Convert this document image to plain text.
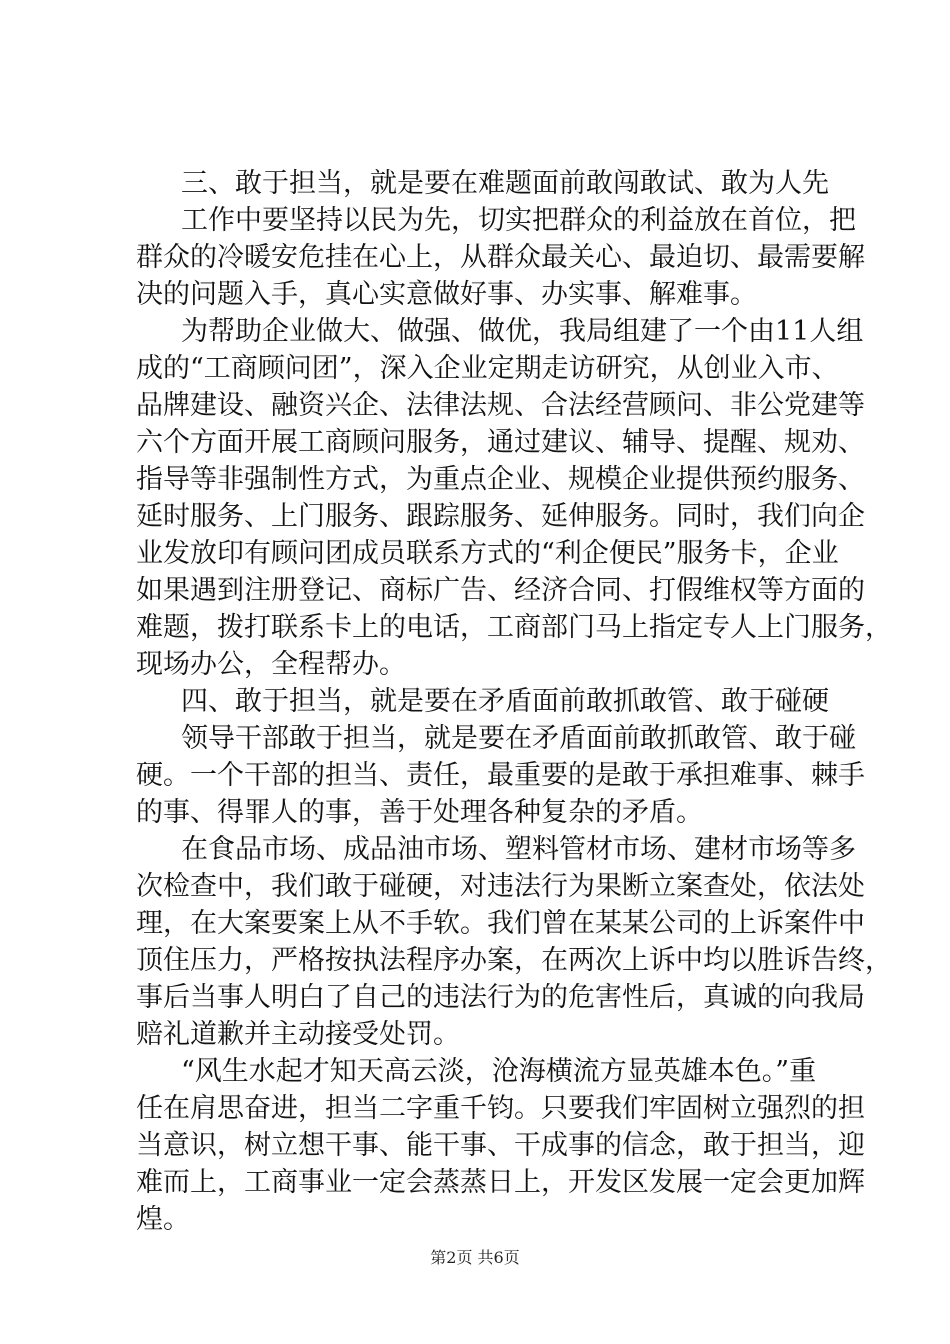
三、敢于担当，就是要在难题面前敢闯敢试、敢为人先
工作中要坚持以民为先，切实把群众的利益放在首位，把
群众的冷暖安危挂在心上，从群众最关心、最迫切、最需要解
决的问题入手，真心实意做好事、办实事、解难事。
为帮助企业做大、做强、做优，我局组建了一个由11人组
成的“工商顾问团”，深入企业定期走访研究，从创业入市、
品牌建设、融资兴企、法律法规、合法经营顾问、非公党建等
六个方面开展工商顾问服务，通过建议、辅导、提醒、规劝、
指导等非强制性方式，为重点企业、规模企业提供预约服务、
延时服务、上门服务、跟踪服务、延伸服务。同时，我们向企
业发放印有顾问团成员联系方式的“利企便民”服务卡，企业
如果遇到注册登记、商标广告、经济合同、打假维权等方面的
难题，拨打联系卡上的电话，工商部门马上指定专人上门服务，
现场办公，全程帮办。
四、敢于担当，就是要在矛盾面前敢抓敢管、敢于碰硬
领导干部敢于担当，就是要在矛盾面前敢抓敢管、敢于碰
硬。一个干部的担当、责任，最重要的是敢于承担难事、棘手
的事、得罪人的事，善于处理各种复杂的矛盾。
在食品市场、成品油市场、塑料管材市场、建材市场等多
次检查中，我们敢于碰硬，对违法行为果断立案查处，依法处
理，在大案要案上从不手软。我们曾在某某公司的上诉案件中
顶住压力，严格按执法程序办案，在两次上诉中均以胜诉告终，
事后当事人明白了自己的违法行为的危害性后，真诚的向我局
赔礼道歉并主动接受处罚。
“风生水起才知天高云淡，沧海横流方显英雄本色。”重
任在肩思奋进，担当二字重千钧。只要我们牢固树立强烈的担
当意识，树立想干事、能干事、干成事的信念，敢于担当，迎
难而上，工商事业一定会蒸蒸日上，开发区发展一定会更加辉
煌。
第2页 共6页
